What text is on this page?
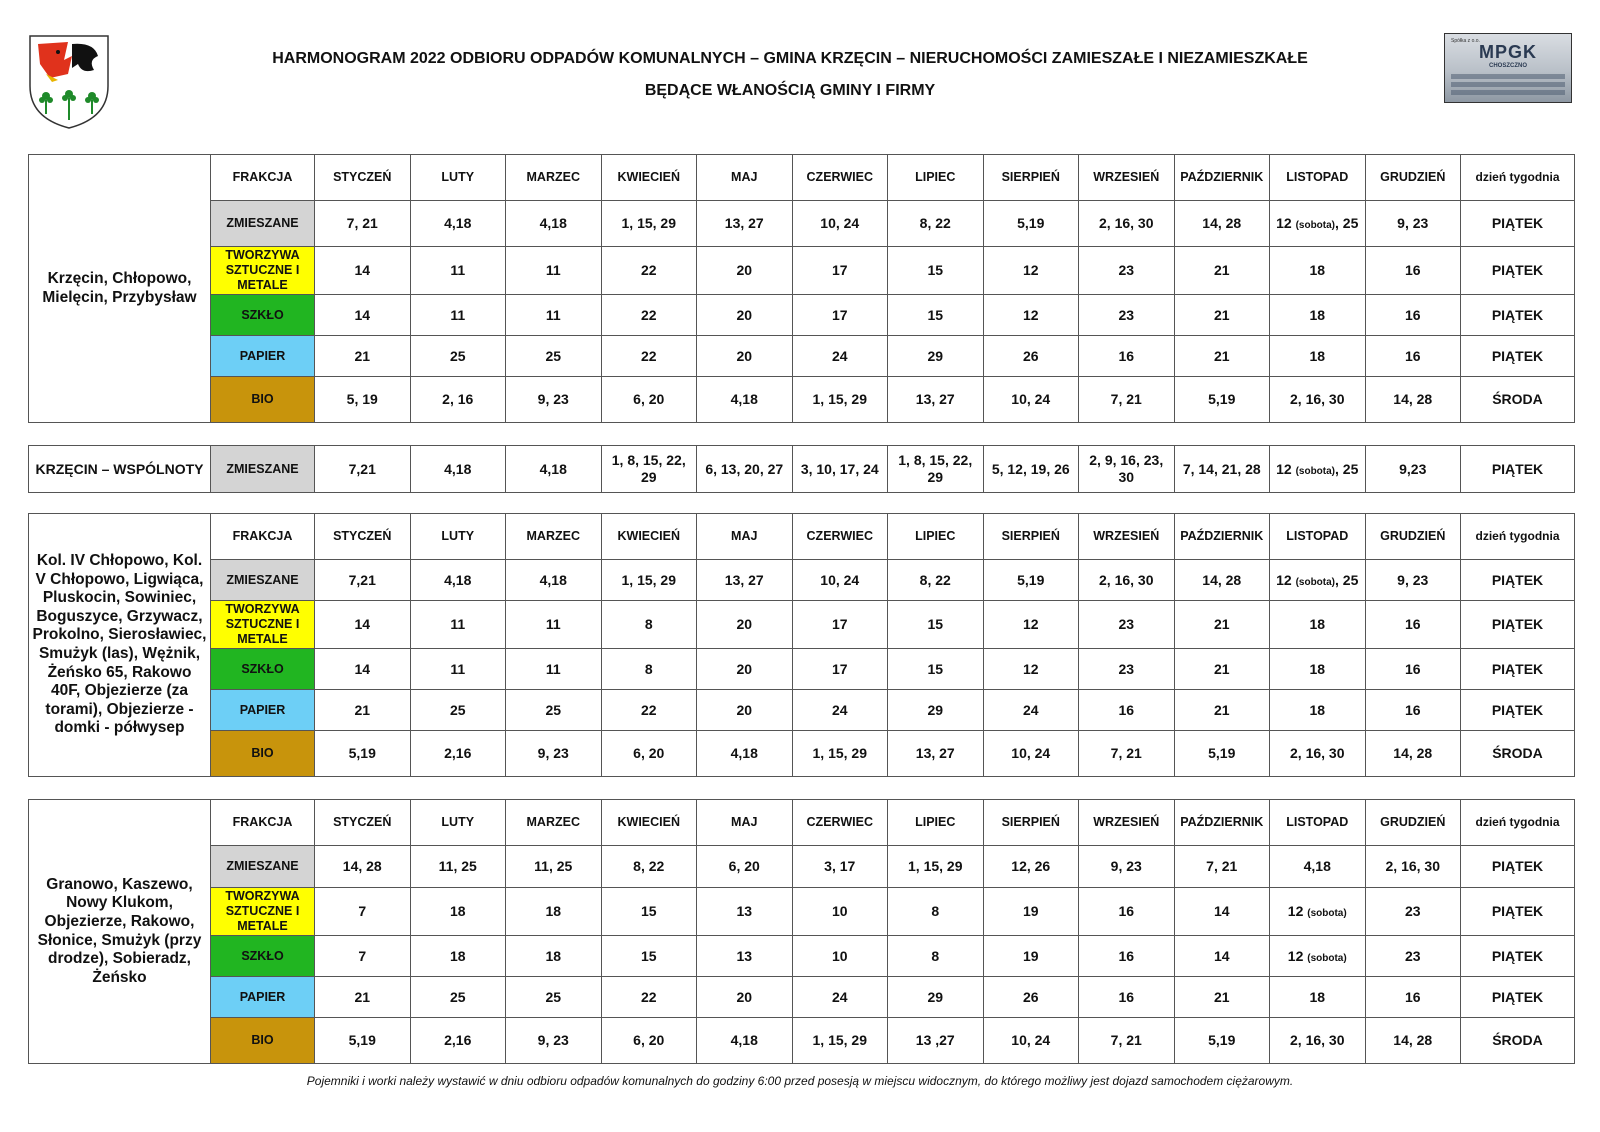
Spółka z o.o.
MPGK
CHOSZCZNO
HARMONOGRAM 2022 ODBIORU ODPADÓW KOMUNALNYCH – GMINA KRZĘCIN – NIERUCHOMOŚCI ZAMIESZAŁE I NIEZAMIESZKAŁE
BĘDĄCE WŁANOŚCIĄ GMINY I FIRMY
Krzęcin, Chłopowo, Mielęcin, Przybysław	FRAKCJA	STYCZEŃ	LUTY	MARZEC	KWIECIEŃ	MAJ	CZERWIEC	LIPIEC	SIERPIEŃ	WRZESIEŃ	PAŹDZIERNIK	LISTOPAD	GRUDZIEŃ	dzień tygodnia
	ZMIESZANE	7, 21	4,18	4,18	1, 15, 29	13, 27	10, 24	8, 22	5,19	2, 16, 30	14, 28	12 (sobota), 25	9, 23	PIĄTEK
	TWORZYWA SZTUCZNE I METALE	14	11	11	22	20	17	15	12	23	21	18	16	PIĄTEK
	SZKŁO	14	11	11	22	20	17	15	12	23	21	18	16	PIĄTEK
	PAPIER	21	25	25	22	20	24	29	26	16	21	18	16	PIĄTEK
	BIO	5, 19	2, 16	9, 23	6, 20	4,18	1, 15, 29	13, 27	10, 24	7, 21	5,19	2, 16, 30	14, 28	ŚRODA
KRZĘCIN – WSPÓLNOTY	ZMIESZANE	7,21	4,18	4,18	1, 8, 15, 22, 29	6, 13, 20, 27	3, 10, 17, 24	1, 8, 15, 22, 29	5, 12, 19, 26	2, 9, 16, 23, 30	7, 14, 21, 28	12 (sobota), 25	9,23	PIĄTEK
Kol. IV Chłopowo, Kol. V Chłopowo, Ligwiąca, Pluskocin, Sowiniec, Boguszyce, Grzywacz, Prokolno, Sierosławiec, Smużyk (las), Wężnik, Żeńsko 65, Rakowo 40F, Objezierze (za torami), Objezierze - domki - półwysep	FRAKCJA	STYCZEŃ	LUTY	MARZEC	KWIECIEŃ	MAJ	CZERWIEC	LIPIEC	SIERPIEŃ	WRZESIEŃ	PAŹDZIERNIK	LISTOPAD	GRUDZIEŃ	dzień tygodnia
	ZMIESZANE	7,21	4,18	4,18	1, 15, 29	13, 27	10, 24	8, 22	5,19	2, 16, 30	14, 28	12 (sobota), 25	9, 23	PIĄTEK
	TWORZYWA SZTUCZNE I METALE	14	11	11	8	20	17	15	12	23	21	18	16	PIĄTEK
	SZKŁO	14	11	11	8	20	17	15	12	23	21	18	16	PIĄTEK
	PAPIER	21	25	25	22	20	24	29	24	16	21	18	16	PIĄTEK
	BIO	5,19	2,16	9, 23	6, 20	4,18	1, 15, 29	13, 27	10, 24	7, 21	5,19	2, 16, 30	14, 28	ŚRODA
Granowo, Kaszewo, Nowy Klukom, Objezierze, Rakowo, Słonice, Smużyk (przy drodze), Sobieradz, Żeńsko	FRAKCJA	STYCZEŃ	LUTY	MARZEC	KWIECIEŃ	MAJ	CZERWIEC	LIPIEC	SIERPIEŃ	WRZESIEŃ	PAŹDZIERNIK	LISTOPAD	GRUDZIEŃ	dzień tygodnia
	ZMIESZANE	14, 28	11, 25	11, 25	8, 22	6, 20	3, 17	1, 15, 29	12, 26	9, 23	7, 21	4,18	2, 16, 30	PIĄTEK
	TWORZYWA SZTUCZNE I METALE	7	18	18	15	13	10	8	19	16	14	12 (sobota)	23	PIĄTEK
	SZKŁO	7	18	18	15	13	10	8	19	16	14	12 (sobota)	23	PIĄTEK
	PAPIER	21	25	25	22	20	24	29	26	16	21	18	16	PIĄTEK
	BIO	5,19	2,16	9, 23	6, 20	4,18	1, 15, 29	13 ,27	10, 24	7, 21	5,19	2, 16, 30	14, 28	ŚRODA
Pojemniki i worki należy wystawić w dniu odbioru odpadów komunalnych do godziny 6:00 przed posesją w miejscu widocznym, do którego możliwy jest dojazd samochodem ciężarowym.
